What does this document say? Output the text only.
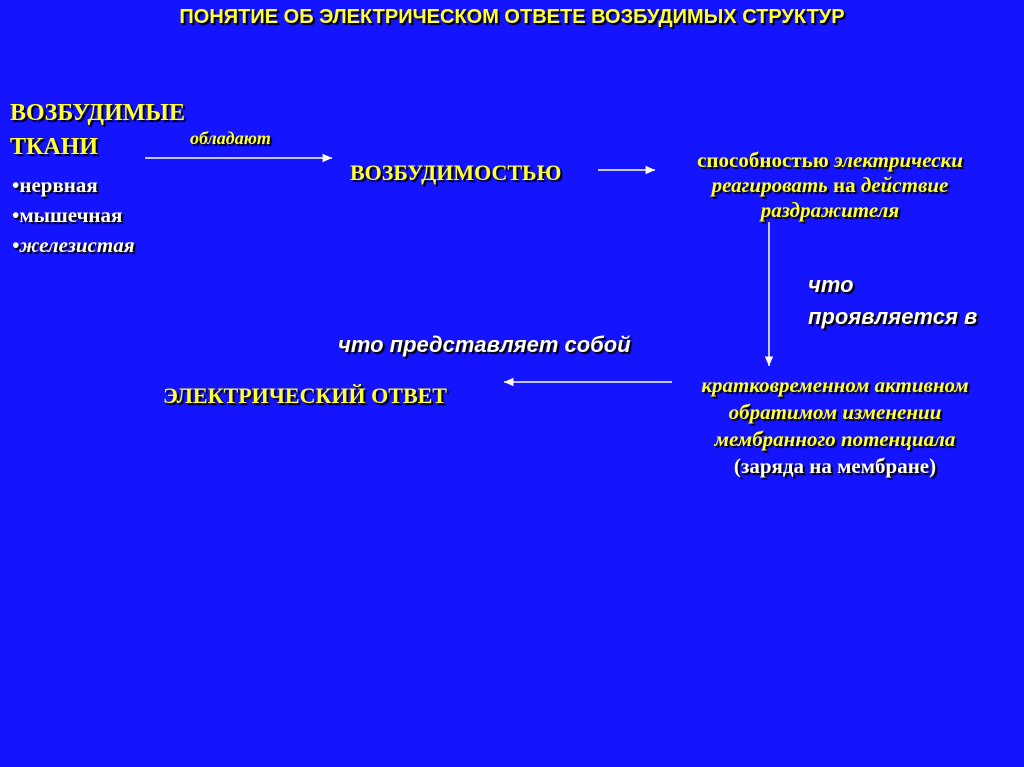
ПОНЯТИЕ ОБ ЭЛЕКТРИЧЕСКОМ ОТВЕТЕ ВОЗБУДИМЫХ СТРУКТУР
ВОЗБУДИМЫЕ
ТКАНИ
•нервная
•мышечная
•железистая
обладают
ВОЗБУДИМОСТЬЮ	способностью электрически
реагировать на действие
раздражителя
что
проявляется в
что представляет собой
ЭЛЕКТРИЧЕСКИЙ ОТВЕТ	кратковременном активном
обратимом изменении
мембранного потенциала
(заряда на мембране)
